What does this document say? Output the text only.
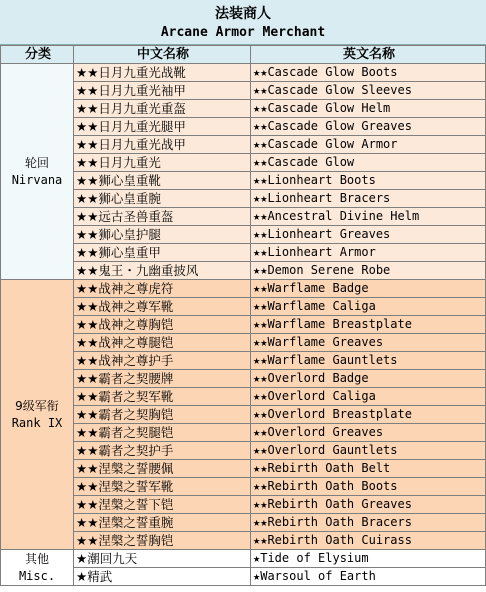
法装商人
Arcane Armor Merchant
分类	中文名称	英文名称

轮回
Nirvana	★★日月九重光战靴	★★Cascade Glow Boots
	★★日月九重光袖甲	★★Cascade Glow Sleeves
	★★日月九重光重盔	★★Cascade Glow Helm
	★★日月九重光腿甲	★★Cascade Glow Greaves
	★★日月九重光战甲	★★Cascade Glow Armor
	★★日月九重光	★★Cascade Glow
	★★狮心皇重靴	★★Lionheart Boots
	★★狮心皇重腕	★★Lionheart Bracers
	★★远古圣兽重盔	★★Ancestral Divine Helm
	★★狮心皇护腿	★★Lionheart Greaves
	★★狮心皇重甲	★★Lionheart Armor
	★★鬼王・九幽重披风	★★Demon Serene Robe

9级军衔
Rank IX	★★战神之尊虎符	★★Warflame Badge
	★★战神之尊军靴	★★Warflame Caliga
	★★战神之尊胸铠	★★Warflame Breastplate
	★★战神之尊腿铠	★★Warflame Greaves
	★★战神之尊护手	★★Warflame Gauntlets
	★★霸者之契腰牌	★★Overlord Badge
	★★霸者之契军靴	★★Overlord Caliga
	★★霸者之契胸铠	★★Overlord Breastplate
	★★霸者之契腿铠	★★Overlord Greaves
	★★霸者之契护手	★★Overlord Gauntlets
	★★涅槃之誓腰佩	★★Rebirth Oath Belt
	★★涅槃之誓军靴	★★Rebirth Oath Boots
	★★涅槃之誓下铠	★★Rebirth Oath Greaves
	★★涅槃之誓重腕	★★Rebirth Oath Bracers
	★★涅槃之誓胸铠	★★Rebirth Oath Cuirass

其他
Misc.	★潮回九天	★Tide of Elysium
	★精武	★Warsoul of Earth
